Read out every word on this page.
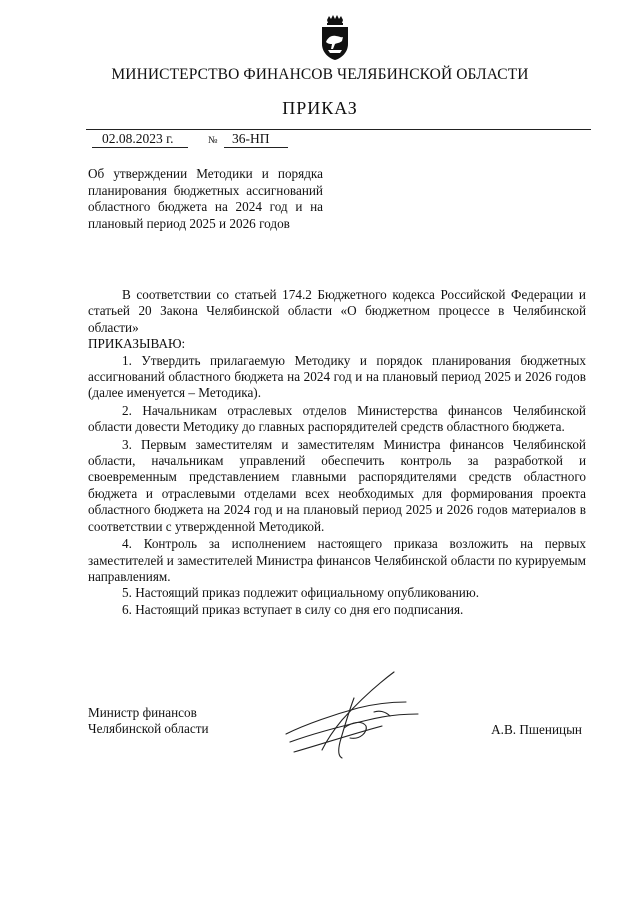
МИНИСТЕРСТВО ФИНАНСОВ ЧЕЛЯБИНСКОЙ ОБЛАСТИ
ПРИКАЗ
02.08.2023 г.	№ 36-НП
Об утверждении Методики и порядка планирования бюджетных ассигнований областного бюджета на 2024 год и на плановый период 2025 и 2026 годов

В соответствии со статьей 174.2 Бюджетного кодекса Российской Федерации и статьей 20 Закона Челябинской области «О бюджетном процессе в Челябинской области»

ПРИКАЗЫВАЮ:

1. Утвердить прилагаемую Методику и порядок планирования бюджетных ассигнований областного бюджета на 2024 год и на плановый период 2025 и 2026 годов (далее именуется – Методика).

2. Начальникам отраслевых отделов Министерства финансов Челябинской области довести Методику до главных распорядителей средств областного бюджета.

3. Первым заместителям и заместителям Министра финансов Челябинской области, начальникам управлений обеспечить контроль за разработкой и своевременным представлением главными распорядителями средств областного бюджета и отраслевыми отделами всех необходимых для формирования проекта областного бюджета на 2024 год и на плановый период 2025 и 2026 годов материалов в соответствии с утвержденной Методикой.

4. Контроль за исполнением настоящего приказа возложить на первых заместителей и заместителей Министра финансов Челябинской области по курируемым направлениям.

5. Настоящий приказ подлежит официальному опубликованию.

6. Настоящий приказ вступает в силу со дня его подписания.

Министр финансов
Челябинской области	А.В. Пшеницын
